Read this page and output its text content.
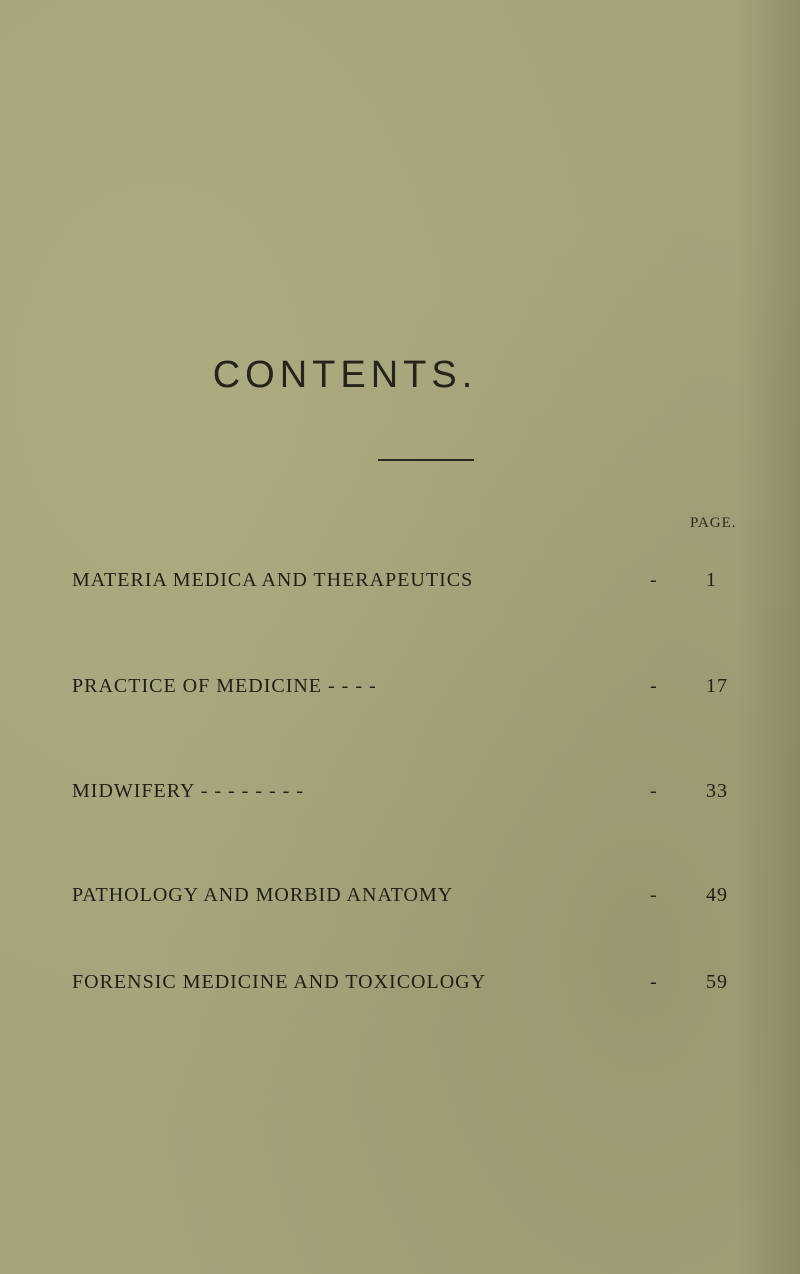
CONTENTS.
PAGE.
MATERIA MEDICA AND THERAPEUTICS	- 1
PRACTICE OF MEDICINE - - - -	- 17
MIDWIFERY - - - - - - - -	- 33
PATHOLOGY AND MORBID ANATOMY	- 49
FORENSIC MEDICINE AND TOXICOLOGY	- 59
